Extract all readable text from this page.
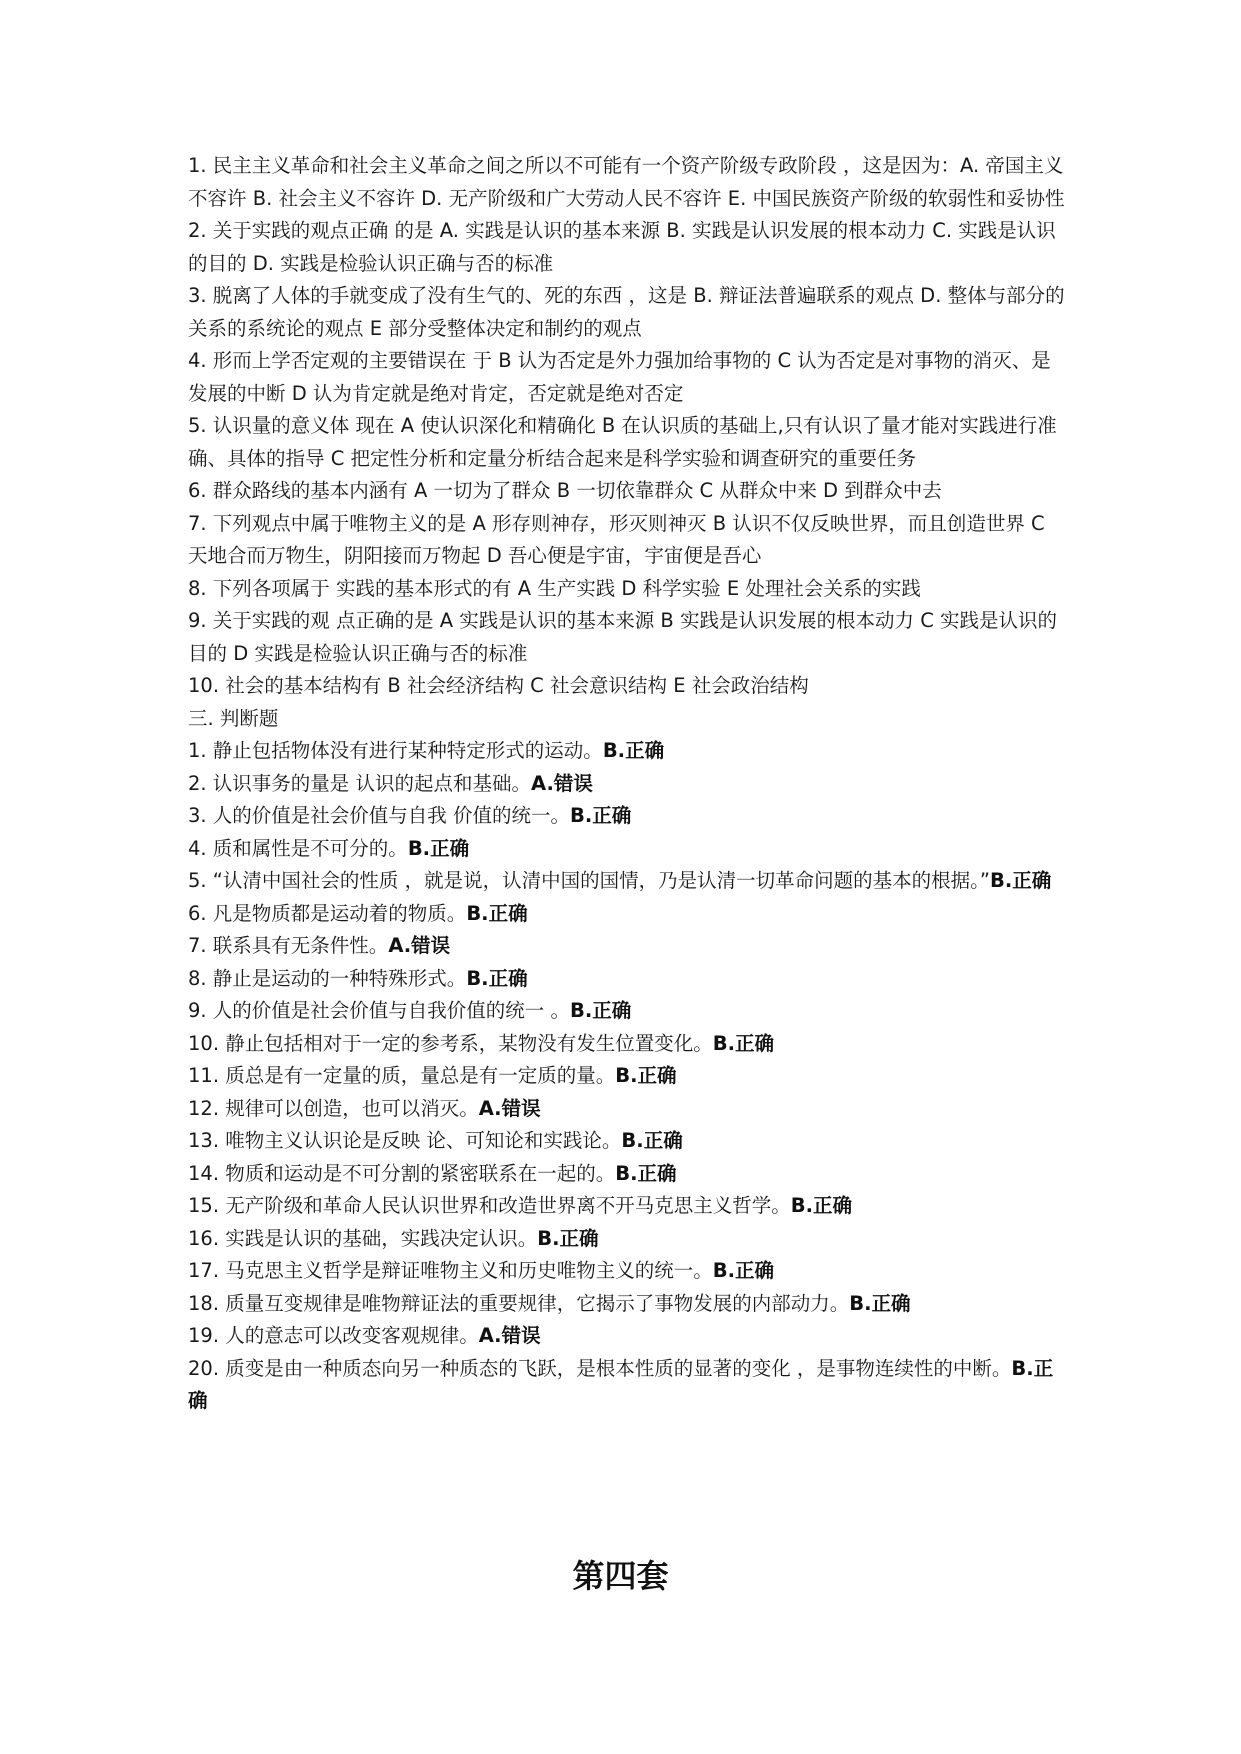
1. 民主主义革命和社会主义革命之间之所以不可能有一个资产阶级专政阶段 ，这是因为：A. 帝国主义不容许 B. 社会主义不容许 D. 无产阶级和广大劳动人民不容许 E. 中国民族资产阶级的软弱性和妥协性

2. 关于实践的观点正确 的是 A. 实践是认识的基本来源 B. 实践是认识发展的根本动力 C. 实践是认识的目的 D. 实践是检验认识正确与否的标准

3. 脱离了人体的手就变成了没有生气的、死的东西 ，这是 B. 辩证法普遍联系的观点 D. 整体与部分的关系的系统论的观点 E 部分受整体决定和制约的观点

4. 形而上学否定观的主要错误在 于 B 认为否定是外力强加给事物的 C 认为否定是对事物的消灭、是发展的中断 D 认为肯定就是绝对肯定，否定就是绝对否定

5. 认识量的意义体 现在 A 使认识深化和精确化 B 在认识质的基础上,只有认识了量才能对实践进行准确、具体的指导 C 把定性分析和定量分析结合起来是科学实验和调查研究的重要任务

6. 群众路线的基本内涵有 A 一切为了群众 B 一切依靠群众 C 从群众中来 D 到群众中去

7. 下列观点中属于唯物主义的是 A 形存则神存，形灭则神灭 B 认识不仅反映世界，而且创造世界 C 天地合而万物生，阴阳接而万物起 D 吾心便是宇宙，宇宙便是吾心

8. 下列各项属于 实践的基本形式的有 A 生产实践 D 科学实验 E 处理社会关系的实践

9. 关于实践的观 点正确的是 A 实践是认识的基本来源 B 实践是认识发展的根本动力 C 实践是认识的目的 D 实践是检验认识正确与否的标准

10. 社会的基本结构有 B 社会经济结构 C 社会意识结构 E 社会政治结构

三. 判断题

1. 静止包括物体没有进行某种特定形式的运动。B.正确

2. 认识事务的量是 认识的起点和基础。A.错误

3. 人的价值是社会价值与自我 价值的统一。B.正确

4. 质和属性是不可分的。B.正确

5. “认清中国社会的性质 ，就是说，认清中国的国情，乃是认清一切革命问题的基本的根据。”B.正确

6. 凡是物质都是运动着的物质。B.正确

7. 联系具有无条件性。A.错误

8. 静止是运动的一种特殊形式。B.正确

9. 人的价值是社会价值与自我价值的统一 。B.正确

10. 静止包括相对于一定的参考系，某物没有发生位置变化。B.正确

11. 质总是有一定量的质，量总是有一定质的量。B.正确

12. 规律可以创造，也可以消灭。A.错误

13. 唯物主义认识论是反映 论、可知论和实践论。B.正确

14. 物质和运动是不可分割的紧密联系在一起的。B.正确

15. 无产阶级和革命人民认识世界和改造世界离不开马克思主义哲学。B.正确

16. 实践是认识的基础，实践决定认识。B.正确

17. 马克思主义哲学是辩证唯物主义和历史唯物主义的统一。B.正确

18. 质量互变规律是唯物辩证法的重要规律，它揭示了事物发展的内部动力。B.正确

19. 人的意志可以改变客观规律。A.错误

20. 质变是由一种质态向另一种质态的飞跃，是根本性质的显著的变化 ，是事物连续性的中断。B.正确

第四套
